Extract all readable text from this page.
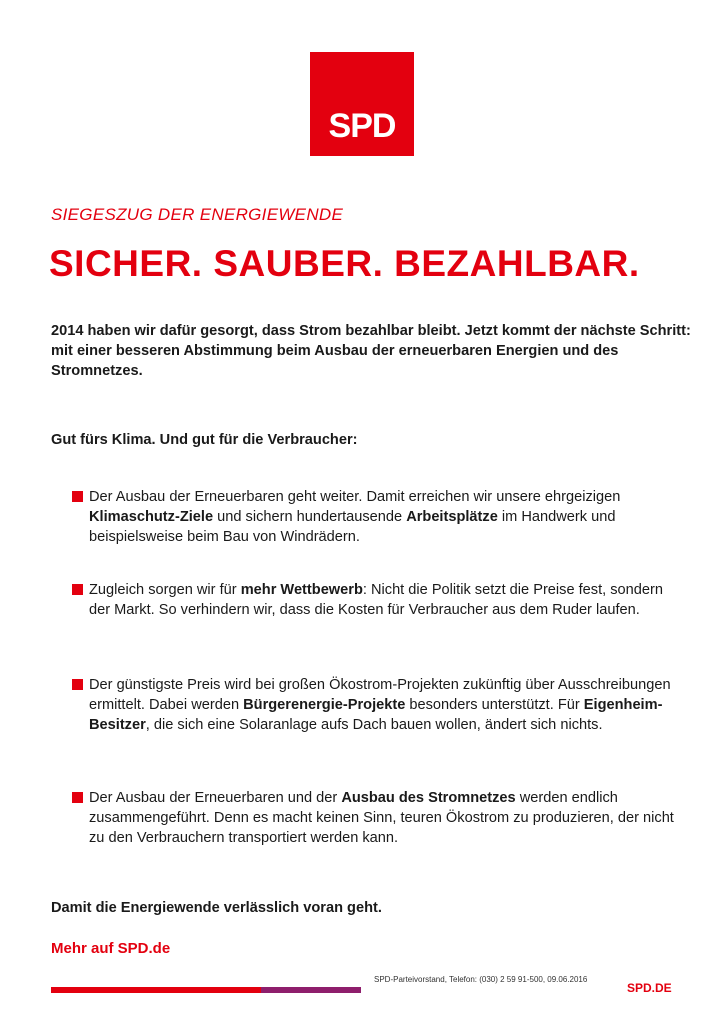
SPD
SIEGESZUG DER ENERGIEWENDE
SICHER. SAUBER. BEZAHLBAR.
2014 haben wir dafür gesorgt, dass Strom bezahlbar bleibt. Jetzt kommt der nächste Schritt: mit einer besseren Abstimmung beim Ausbau der erneuerbaren Energien und des Stromnetzes.
Gut fürs Klima. Und gut für die Verbraucher:

Der Ausbau der Erneuerbaren geht weiter. Damit erreichen wir unsere ehrgeizigen Klimaschutz-Ziele und sichern hundertausende Arbeitsplätze im Handwerk und beispielsweise beim Bau von Windrädern.

Zugleich sorgen wir für mehr Wettbewerb: Nicht die Politik setzt die Preise fest, sondern der Markt. So verhindern wir, dass die Kosten für Verbraucher aus dem Ruder laufen.

Der günstigste Preis wird bei großen Ökostrom-Projekten zukünftig über Ausschreibungen ermittelt. Dabei werden Bürgerenergie-Projekte besonders unterstützt. Für Eigenheim-Besitzer, die sich eine Solaranlage aufs Dach bauen wollen, ändert sich nichts.

Der Ausbau der Erneuerbaren und der Ausbau des Stromnetzes werden endlich zusammengeführt. Denn es macht keinen Sinn, teuren Ökostrom zu produzieren, der nicht zu den Verbrauchern transportiert werden kann.

Damit die Energiewende verlässlich voran geht.
Mehr auf SPD.de
SPD-Parteivorstand, Telefon: (030) 2 59 91-500, 09.06.2016
SPD.DE
